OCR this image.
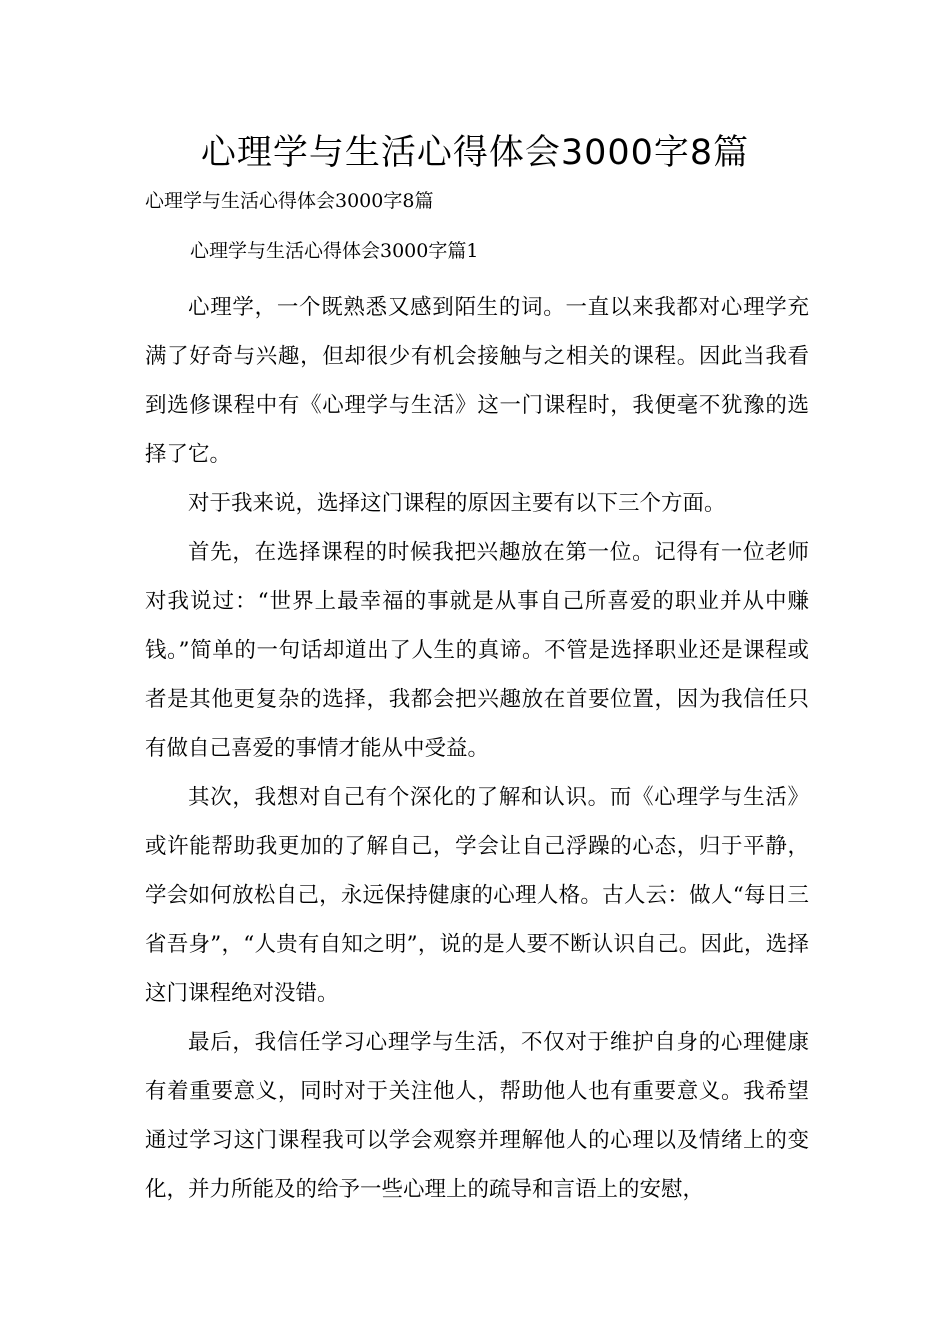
心理学与生活心得体会3000字8篇
心理学与生活心得体会3000字8篇
心理学与生活心得体会3000字篇1

心理学，一个既熟悉又感到陌生的词。一直以来我都对心理学充满了好奇与兴趣，但却很少有机会接触与之相关的课程。因此当我看到选修课程中有《心理学与生活》这一门课程时，我便毫不犹豫的选择了它。

对于我来说，选择这门课程的原因主要有以下三个方面。

首先，在选择课程的时候我把兴趣放在第一位。记得有一位老师对我说过：“世界上最幸福的事就是从事自己所喜爱的职业并从中赚钱。”简单的一句话却道出了人生的真谛。不管是选择职业还是课程或者是其他更复杂的选择，我都会把兴趣放在首要位置，因为我信任只有做自己喜爱的事情才能从中受益。

其次，我想对自己有个深化的了解和认识。而《心理学与生活》或许能帮助我更加的了解自己，学会让自己浮躁的心态，归于平静，学会如何放松自己，永远保持健康的心理人格。古人云：做人“每日三省吾身”，“人贵有自知之明”，说的是人要不断认识自己。因此，选择这门课程绝对没错。

最后，我信任学习心理学与生活，不仅对于维护自身的心理健康有着重要意义，同时对于关注他人，帮助他人也有重要意义。我希望通过学习这门课程我可以学会观察并理解他人的心理以及情绪上的变化，并力所能及的给予一些心理上的疏导和言语上的安慰，
